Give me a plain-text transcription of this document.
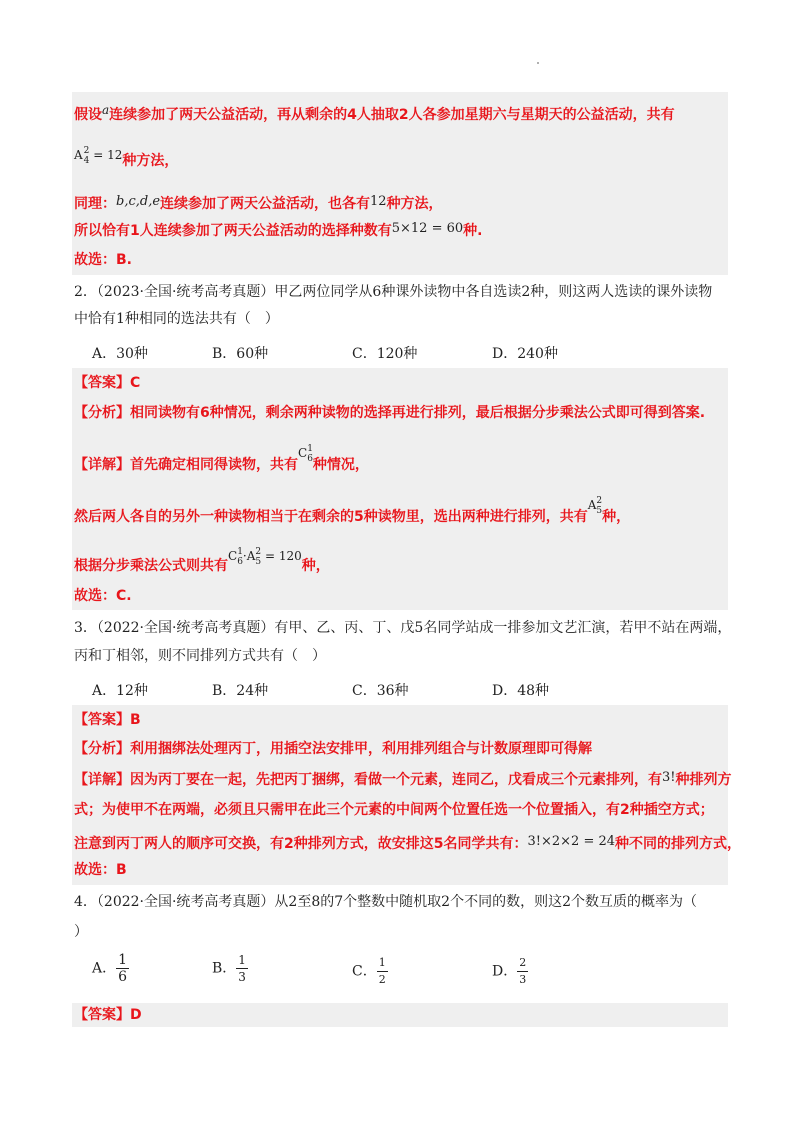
假设a连续参加了两天公益活动，再从剩余的4人抽取2人各参加星期六与星期天的公益活动，共有
A 2
4 = 12种方法，
同理：b,c,d,e连续参加了两天公益活动，也各有12种方法，
所以恰有1人连续参加了两天公益活动的选择种数有5×12 = 60种.
故选：B.
2．（2023·全国·统考高考真题）甲乙两位同学从6种课外读物中各自选读2种，则这两人选读的课外读物
中恰有1种相同的选法共有（　）
A．30种	B．60种	C．120种	D．240种
【答案】C
【分析】相同读物有6种情况，剩余两种读物的选择再进行排列，最后根据分步乘法公式即可得到答案.
【详解】首先确定相同得读物，共有C 1
6 种情况，
然后两人各自的另外一种读物相当于在剩余的5种读物里，选出两种进行排列，共有A 2
5 种，
根据分步乘法公式则共有C 1
6 ·A 2
5 = 120种，
故选：C.
3．（2022·全国·统考高考真题）有甲、乙、丙、丁、戊5名同学站成一排参加文艺汇演，若甲不站在两端，
丙和丁相邻，则不同排列方式共有（　）
A．12种	B．24种	C．36种	D．48种
【答案】B
【分析】利用捆绑法处理丙丁，用插空法安排甲，利用排列组合与计数原理即可得解
【详解】因为丙丁要在一起，先把丙丁捆绑，看做一个元素，连同乙，戊看成三个元素排列，有3!种排列方
式；为使甲不在两端，必须且只需甲在此三个元素的中间两个位置任选一个位置插入，有2种插空方式；
注意到丙丁两人的顺序可交换，有2种排列方式，故安排这5名同学共有：3!×2×2 = 24种不同的排列方式，
故选：B
4．（2022·全国·统考高考真题）从2至8的7个整数中随机取2个不同的数，则这2个数互质的概率为（
）
A． $\frac{1}{6}$	B． $\frac{1}{3}$	C． $\frac{1}{2}$	D． $\frac{2}{3}$
【答案】D
